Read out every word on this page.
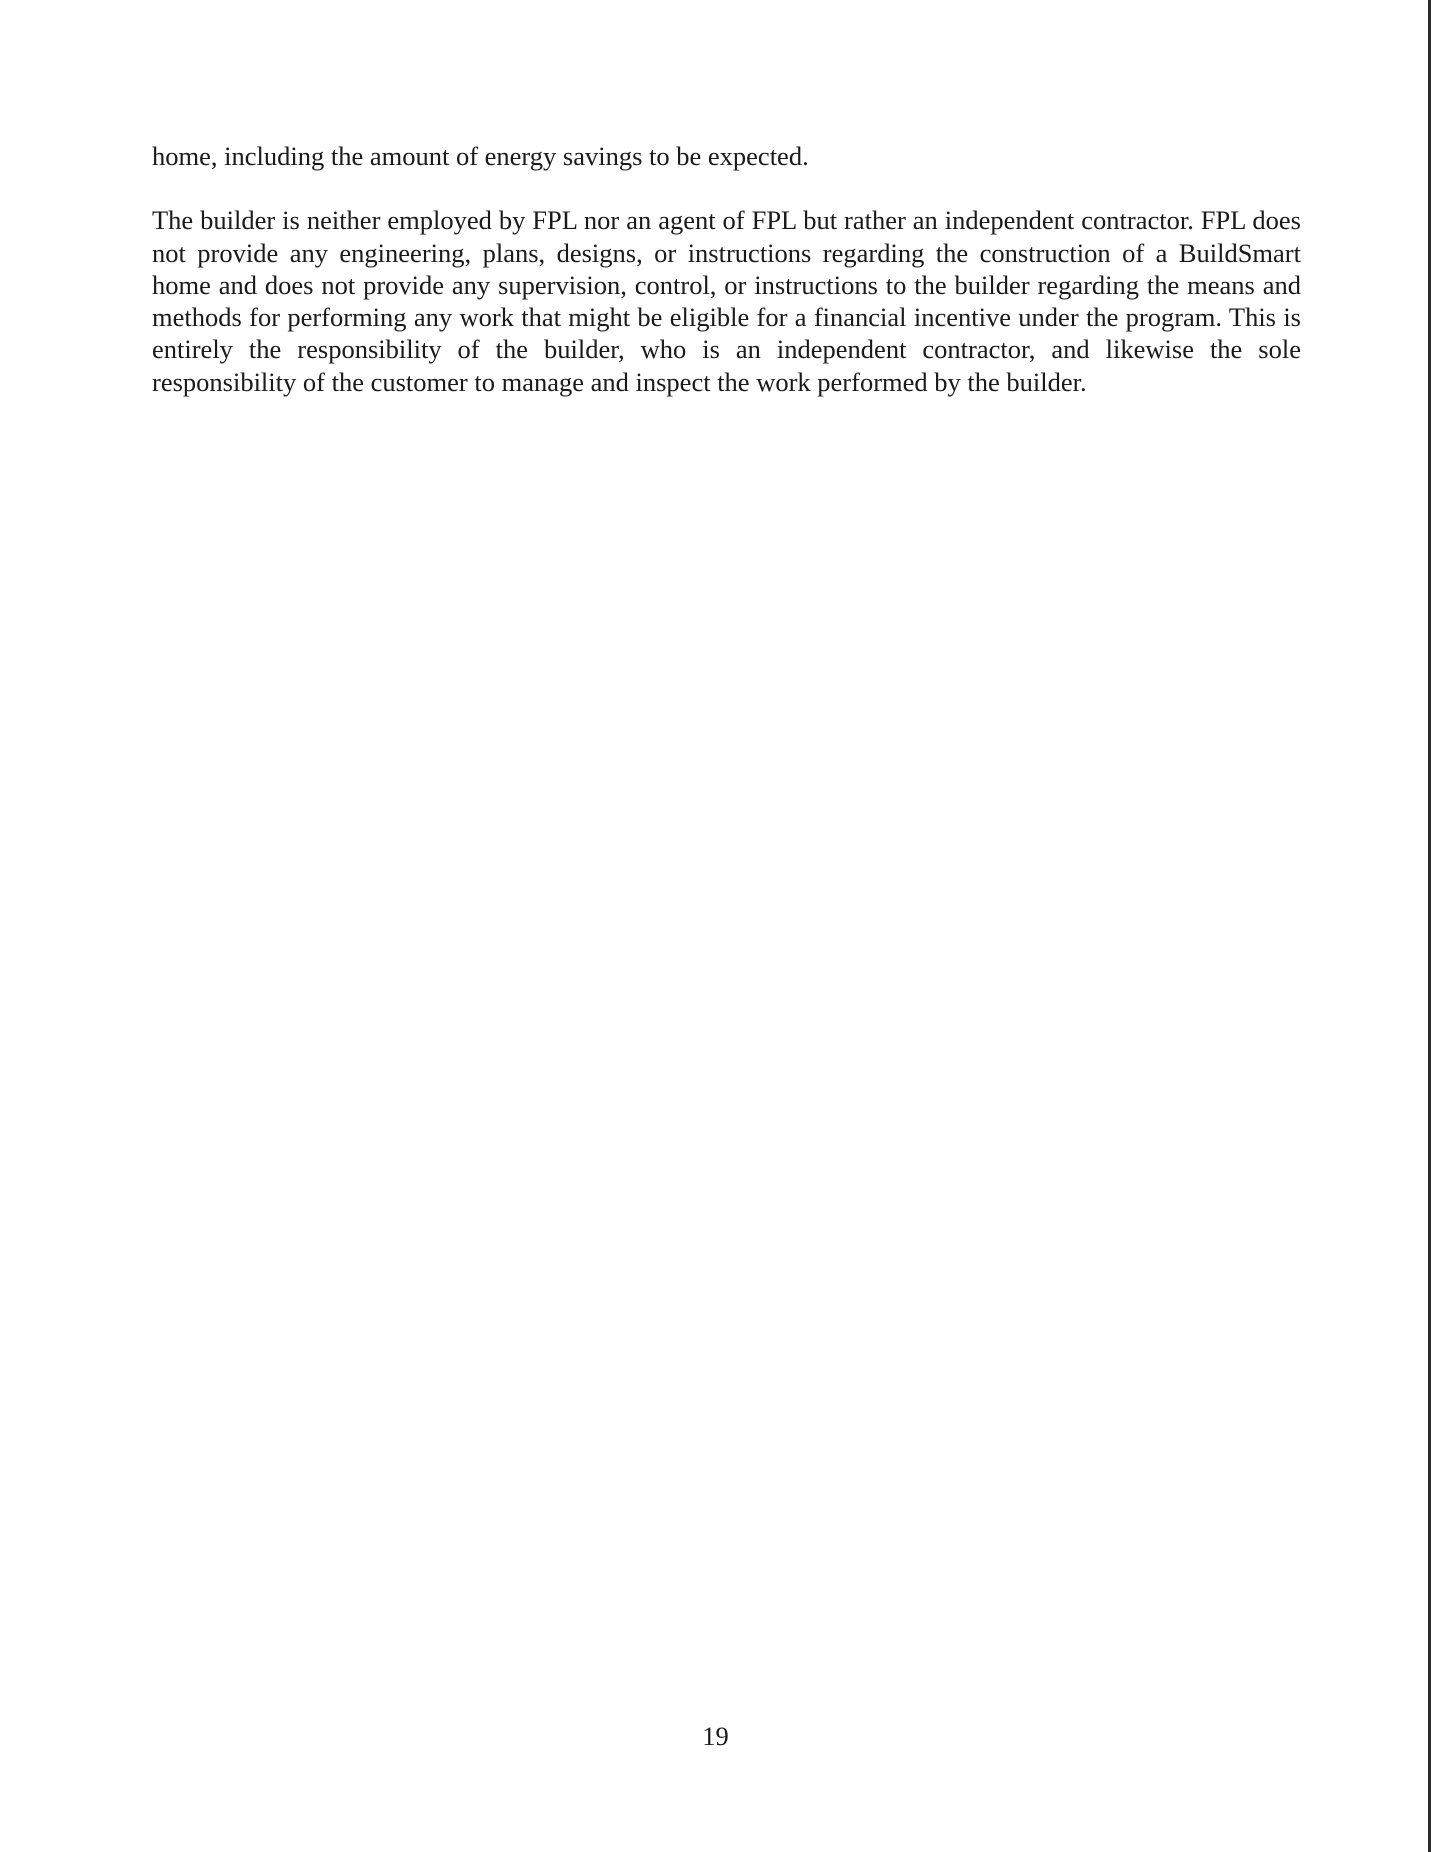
home, including the amount of energy savings to be expected.

The builder is neither employed by FPL nor an agent of FPL but rather an independent contractor. FPL does not provide any engineering, plans, designs, or instructions regarding the construction of a BuildSmart home and does not provide any supervision, control, or instructions to the builder regarding the means and methods for performing any work that might be eligible for a financial incentive under the program. This is entirely the responsibility of the builder, who is an independent contractor, and likewise the sole responsibility of the customer to manage and inspect the work performed by the builder.

19
